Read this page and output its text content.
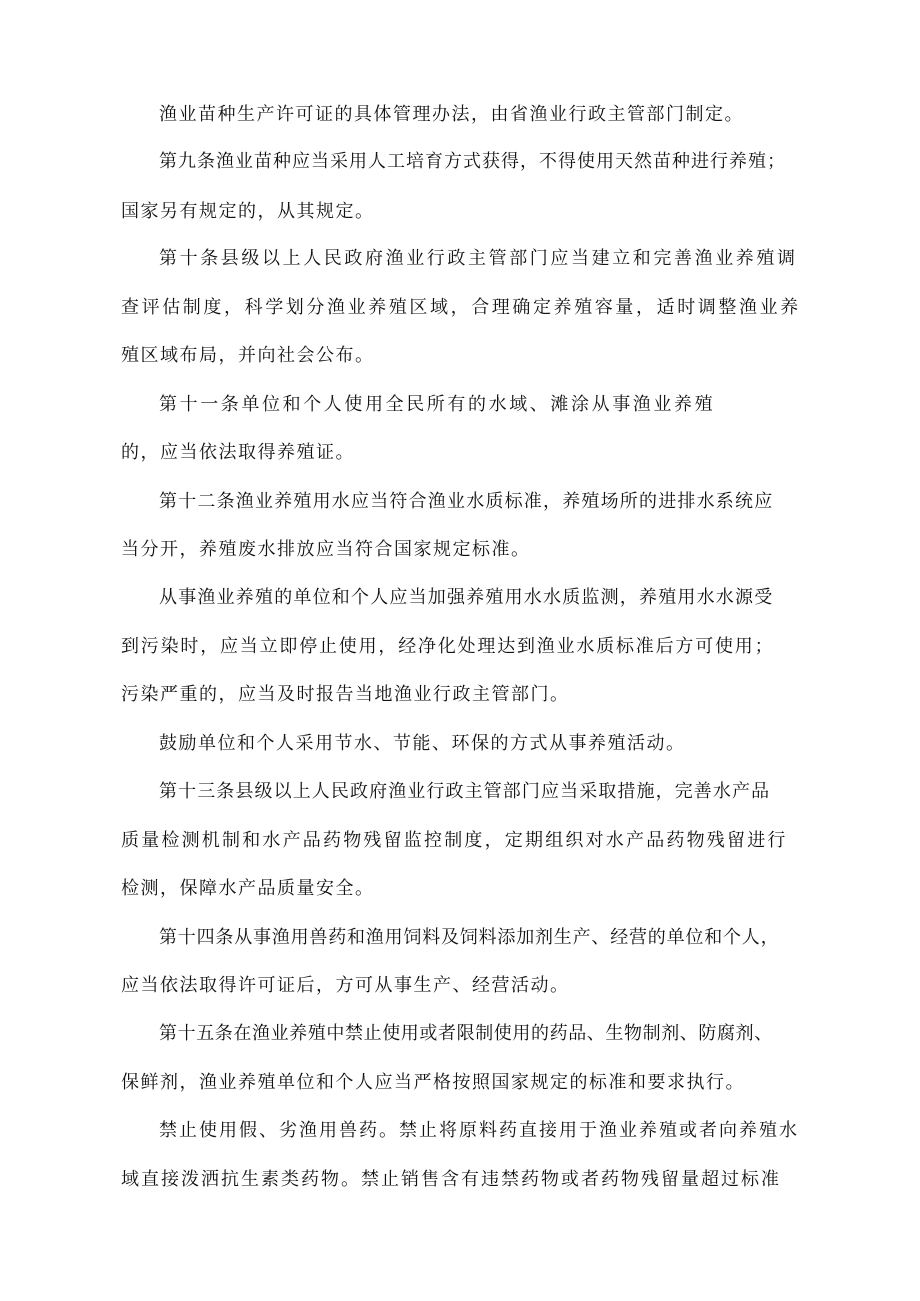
渔业苗种生产许可证的具体管理办法，由省渔业行政主管部门制定。

第九条渔业苗种应当采用人工培育方式获得，不得使用天然苗种进行养殖；

国家另有规定的，从其规定。

第十条县级以上人民政府渔业行政主管部门应当建立和完善渔业养殖调

查评估制度，科学划分渔业养殖区域，合理确定养殖容量，适时调整渔业养

殖区域布局，并向社会公布。

第十一条单位和个人使用全民所有的水域、滩涂从事渔业养殖

的，应当依法取得养殖证。

第十二条渔业养殖用水应当符合渔业水质标准，养殖场所的进排水系统应

当分开，养殖废水排放应当符合国家规定标准。

从事渔业养殖的单位和个人应当加强养殖用水水质监测，养殖用水水源受

到污染时，应当立即停止使用，经净化处理达到渔业水质标准后方可使用；

污染严重的，应当及时报告当地渔业行政主管部门。

鼓励单位和个人采用节水、节能、环保的方式从事养殖活动。

第十三条县级以上人民政府渔业行政主管部门应当采取措施，完善水产品

质量检测机制和水产品药物残留监控制度，定期组织对水产品药物残留进行

检测，保障水产品质量安全。

第十四条从事渔用兽药和渔用饲料及饲料添加剂生产、经营的单位和个人，

应当依法取得许可证后，方可从事生产、经营活动。

第十五条在渔业养殖中禁止使用或者限制使用的药品、生物制剂、防腐剂、

保鲜剂，渔业养殖单位和个人应当严格按照国家规定的标准和要求执行。

禁止使用假、劣渔用兽药。禁止将原料药直接用于渔业养殖或者向养殖水

域直接泼洒抗生素类药物。禁止销售含有违禁药物或者药物残留量超过标准
